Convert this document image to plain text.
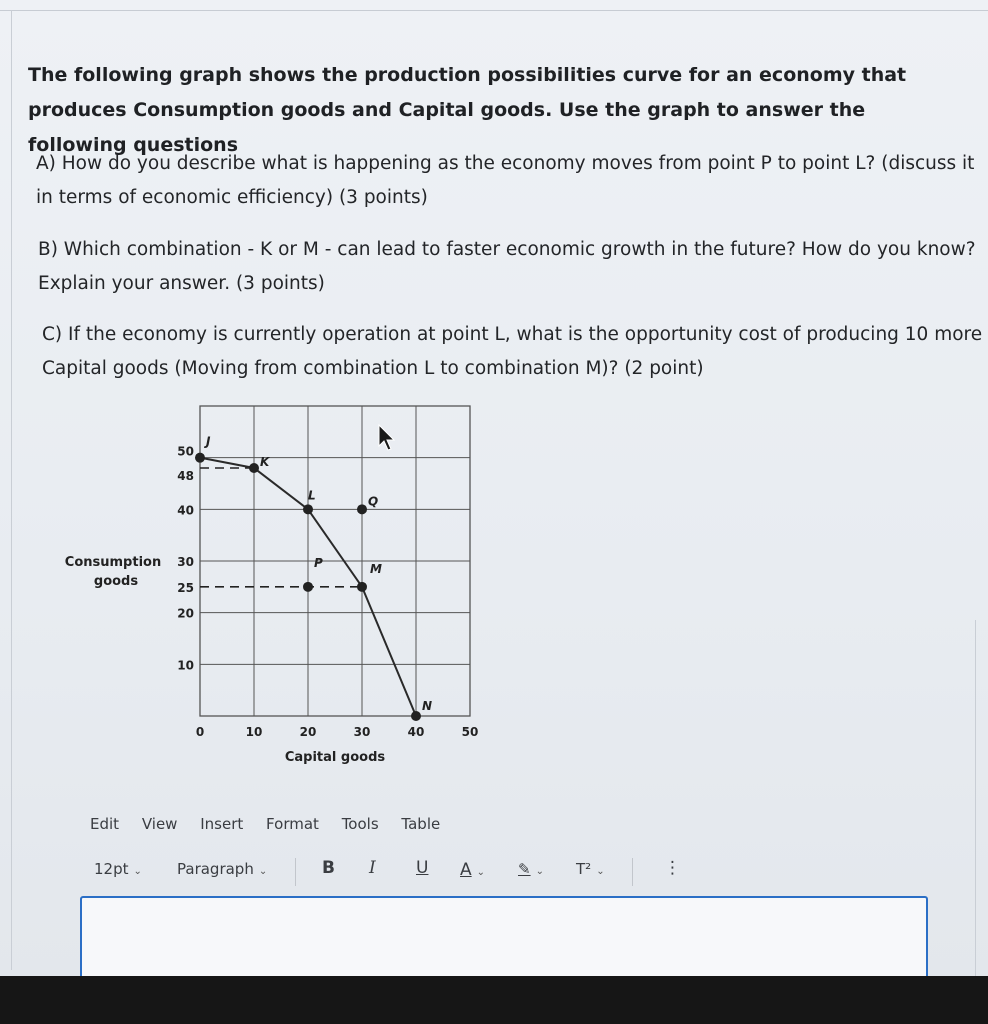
The following graph shows the production possibilities curve for an economy that produces Consumption goods and Capital goods. Use the graph to answer the following questions
A) How do you describe what is happening as the economy moves from point P to point L? (discuss it in terms of economic efficiency) (3 points)
B) Which combination - K or M - can lead to faster economic growth in the future? How do you know? Explain your answer. (3 points)
C) If the economy is currently operation at point L, what is the opportunity cost of producing 10 more Capital goods (Moving from combination L to combination M)? (2 point)
J
K
L
M
N
P
Q
50
48
40
30
25
20
10
0	10	20	30	40	50
Capital goods
Consumption
goods
Edit View Insert Format Tools Table
12pt ⌄ Paragraph ⌄	B I U A ⌄ ✎ ⌄ T² ⌄	⋮
